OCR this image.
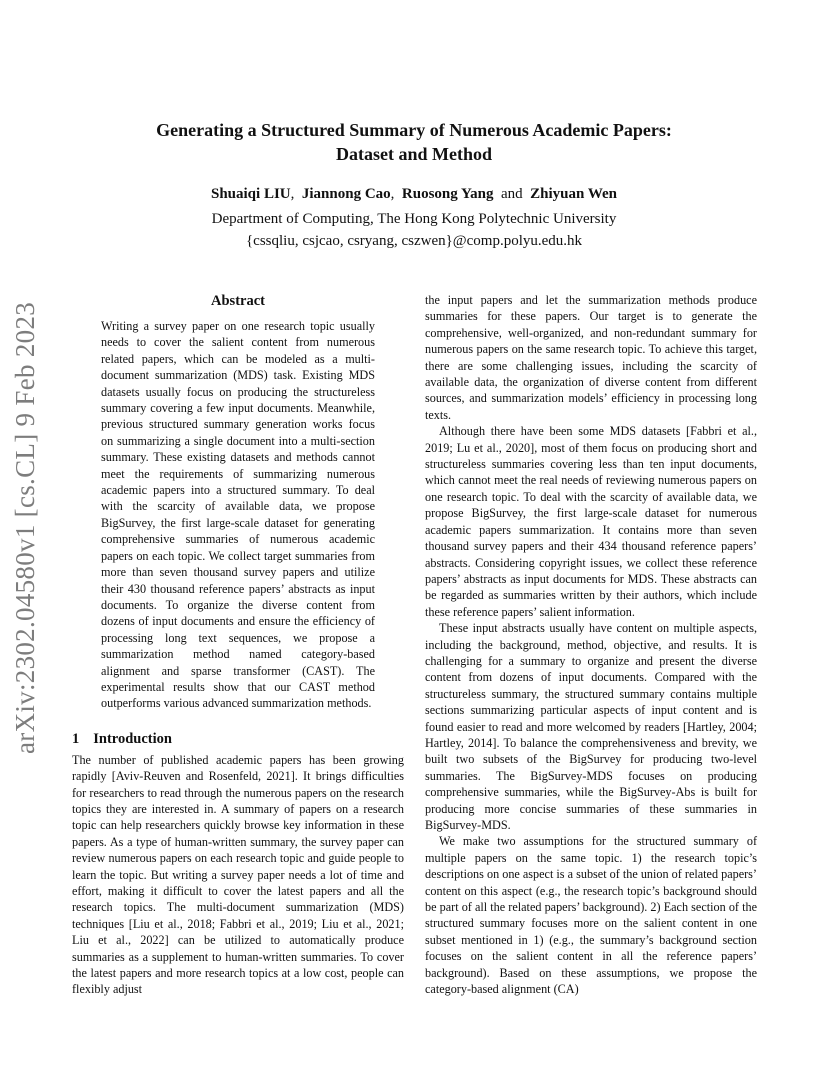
Generating a Structured Summary of Numerous Academic Papers:
Dataset and Method
Shuaiqi LIU,  Jiannong Cao,  Ruosong Yang  and  Zhiyuan Wen
Department of Computing, The Hong Kong Polytechnic University
{cssqliu, csjcao, csryang, cszwen}@comp.polyu.edu.hk
arXiv:2302.04580v1 [cs.CL] 9 Feb 2023
Abstract

Writing a survey paper on one research topic usually needs to cover the salient content from numerous related papers, which can be modeled as a multi-document summarization (MDS) task. Existing MDS datasets usually focus on producing the structureless summary covering a few input documents. Meanwhile, previous structured summary generation works focus on summarizing a single document into a multi-section summary. These existing datasets and methods cannot meet the requirements of summarizing numerous academic papers into a structured summary. To deal with the scarcity of available data, we propose BigSurvey, the first large-scale dataset for generating comprehensive summaries of numerous academic papers on each topic. We collect target summaries from more than seven thousand survey papers and utilize their 430 thousand reference papers’ abstracts as input documents. To organize the diverse content from dozens of input documents and ensure the efficiency of processing long text sequences, we propose a summarization method named category-based alignment and sparse transformer (CAST). The experimental results show that our CAST method outperforms various advanced summarization methods.

1 Introduction

The number of published academic papers has been growing rapidly [Aviv-Reuven and Rosenfeld, 2021]. It brings difficulties for researchers to read through the numerous papers on the research topics they are interested in. A summary of papers on a research topic can help researchers quickly browse key information in these papers. As a type of human-written summary, the survey paper can review numerous papers on each research topic and guide people to learn the topic. But writing a survey paper needs a lot of time and effort, making it difficult to cover the latest papers and all the research topics. The multi-document summarization (MDS) techniques [Liu et al., 2018; Fabbri et al., 2019; Liu et al., 2021; Liu et al., 2022] can be utilized to automatically produce summaries as a supplement to human-written summaries. To cover the latest papers and more research topics at a low cost, people can flexibly adjust

the input papers and let the summarization methods produce summaries for these papers. Our target is to generate the comprehensive, well-organized, and non-redundant summary for numerous papers on the same research topic. To achieve this target, there are some challenging issues, including the scarcity of available data, the organization of diverse content from different sources, and summarization models’ efficiency in processing long texts.

Although there have been some MDS datasets [Fabbri et al., 2019; Lu et al., 2020], most of them focus on producing short and structureless summaries covering less than ten input documents, which cannot meet the real needs of reviewing numerous papers on one research topic. To deal with the scarcity of available data, we propose BigSurvey, the first large-scale dataset for numerous academic papers summarization. It contains more than seven thousand survey papers and their 434 thousand reference papers’ abstracts. Considering copyright issues, we collect these reference papers’ abstracts as input documents for MDS. These abstracts can be regarded as summaries written by their authors, which include these reference papers’ salient information.

These input abstracts usually have content on multiple aspects, including the background, method, objective, and results. It is challenging for a summary to organize and present the diverse content from dozens of input documents. Compared with the structureless summary, the structured summary contains multiple sections summarizing particular aspects of input content and is found easier to read and more welcomed by readers [Hartley, 2004; Hartley, 2014]. To balance the comprehensiveness and brevity, we built two subsets of the BigSurvey for producing two-level summaries. The BigSurvey-MDS focuses on producing comprehensive summaries, while the BigSurvey-Abs is built for producing more concise summaries of these summaries in BigSurvey-MDS.

We make two assumptions for the structured summary of multiple papers on the same topic. 1) the research topic’s descriptions on one aspect is a subset of the union of related papers’ content on this aspect (e.g., the research topic’s background should be part of all the related papers’ background). 2) Each section of the structured summary focuses more on the salient content in one subset mentioned in 1) (e.g., the summary’s background section focuses on the salient content in all the reference papers’ background). Based on these assumptions, we propose the category-based alignment (CA)
